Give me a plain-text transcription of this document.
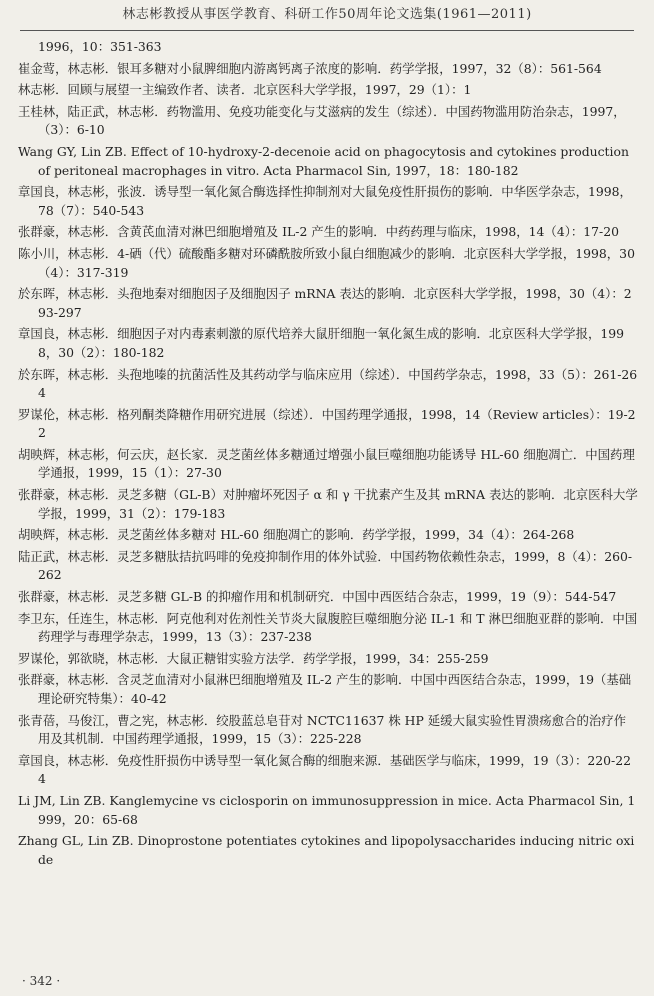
林志彬教授从事医学教育、科研工作50周年论文选集(1961—2011)

1996，10：351-363

崔金莺，林志彬．银耳多糖对小鼠脾细胞内游离钙离子浓度的影响．药学学报，1997，32（8）：561-564

林志彬．回顾与展望一主编致作者、读者．北京医科大学学报，1997，29（1）：1

王桂林，陆正武，林志彬．药物滥用、免疫功能变化与艾滋病的发生（综述）．中国药物滥用防治杂志，1997，（3）：6-10

Wang GY, Lin ZB. Effect of 10-hydroxy-2-decenoie acid on phagocytosis and cytokines production of peritoneal macrophages in vitro. Acta Pharmacol Sin, 1997，18：180-182

章国良，林志彬，张波．诱导型一氧化氮合酶选择性抑制剂对大鼠免疫性肝损伤的影响．中华医学杂志，1998，78（7）：540-543

张群豪，林志彬．含黄芪血清对淋巴细胞增殖及 IL-2 产生的影响．中药药理与临床，1998，14（4）：17-20

陈小川，林志彬．4-硒（代）硫酸酯多糖对环磷酰胺所致小鼠白细胞减少的影响．北京医科大学学报，1998，30（4）：317-319

於东晖，林志彬．头孢地秦对细胞因子及细胞因子 mRNA 表达的影响．北京医科大学学报，1998，30（4）：293-297

章国良，林志彬．细胞因子对内毒素刺激的原代培养大鼠肝细胞一氧化氮生成的影响．北京医科大学学报，1998，30（2）：180-182

於东晖，林志彬．头孢地嗪的抗菌活性及其药动学与临床应用（综述）．中国药学杂志，1998，33（5）：261-264

罗谋伦，林志彬．格列酮类降糖作用研究进展（综述）．中国药理学通报，1998，14（Review articles）：19-22

胡映辉，林志彬，何云庆，赵长家．灵芝菌丝体多糖通过增强小鼠巨噬细胞功能诱导 HL-60 细胞凋亡．中国药理学通报，1999，15（1）：27-30

张群豪，林志彬．灵芝多糖（GL-B）对肿瘤坏死因子 α 和 γ 干扰素产生及其 mRNA 表达的影响．北京医科大学学报，1999，31（2）：179-183

胡映辉，林志彬．灵芝菌丝体多糖对 HL-60 细胞凋亡的影响．药学学报，1999，34（4）：264-268

陆正武，林志彬．灵芝多糖肽拮抗吗啡的免疫抑制作用的体外试验．中国药物依赖性杂志，1999，8（4）：260-262

张群豪，林志彬．灵芝多糖 GL-B 的抑瘤作用和机制研究．中国中西医结合杂志，1999，19（9）：544-547

李卫东，任连生，林志彬．阿克他利对佐剂性关节炎大鼠腹腔巨噬细胞分泌 IL-1 和 T 淋巴细胞亚群的影响．中国药理学与毒理学杂志，1999，13（3）：237-238

罗谋伦，郭欲晓，林志彬．大鼠正糖钳实验方法学．药学学报，1999，34：255-259

张群豪，林志彬．含灵芝血清对小鼠淋巴细胞增殖及 IL-2 产生的影响．中国中西医结合杂志，1999，19（基础理论研究特集）：40-42

张青蓓，马俊江，曹之宪，林志彬．绞股蓝总皂苷对 NCTC11637 株 HP 延缓大鼠实验性胃溃疡愈合的治疗作用及其机制．中国药理学通报，1999，15（3）：225-228

章国良，林志彬．免疫性肝损伤中诱导型一氧化氮合酶的细胞来源．基础医学与临床，1999，19（3）：220-224

Li JM, Lin ZB. Kanglemycine vs ciclosporin on immunosuppression in mice. Acta Pharmacol Sin, 1999，20：65-68

Zhang GL, Lin ZB. Dinoprostone potentiates cytokines and lipopolysaccharides inducing nitric oxide

· 342 ·
